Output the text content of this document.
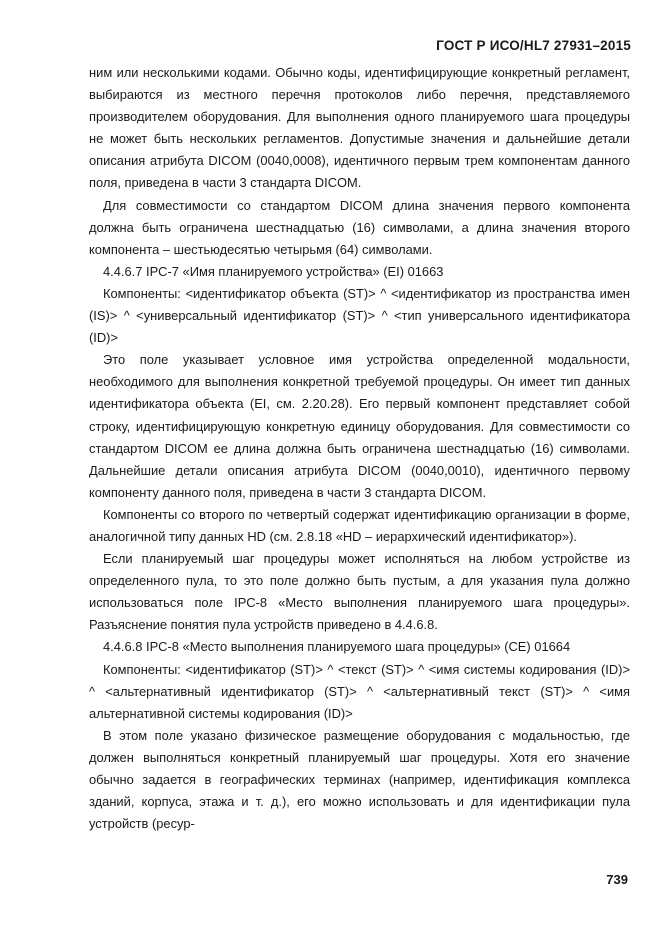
ГОСТ Р ИСО/HL7 27931–2015

ним или несколькими кодами. Обычно коды, идентифицирующие конкретный регламент, выбираются из местного перечня протоколов либо перечня, представляемого производителем оборудования. Для выполнения одного планируемого шага процедуры не может быть нескольких регламентов. Допустимые значения и дальнейшие детали описания атрибута DICOM (0040,0008), идентичного первым трем компонентам данного поля, приведена в части 3 стандарта DICOM.

Для совместимости со стандартом DICOM длина значения первого компонента должна быть ограничена шестнадцатью (16) символами, а длина значения второго компонента – шестьюдесятью четырьмя (64) символами.

4.4.6.7 IPC-7 «Имя планируемого устройства» (EI) 01663

Компоненты: <идентификатор объекта (ST)> ^ <идентификатор из пространства имен (IS)> ^ <универсальный идентификатор (ST)> ^ <тип универсального идентификатора (ID)>

Это поле указывает условное имя устройства определенной модальности, необходимого для выполнения конкретной требуемой процедуры. Он имеет тип данных идентификатора объекта (EI, см. 2.20.28). Его первый компонент представляет собой строку, идентифицирующую конкретную единицу оборудования. Для совместимости со стандартом DICOM ее длина должна быть ограничена шестнадцатью (16) символами. Дальнейшие детали описания атрибута DICOM (0040,0010), идентичного первому компоненту данного поля, приведена в части 3 стандарта DICOM.

Компоненты со второго по четвертый содержат идентификацию организации в форме, аналогичной типу данных HD (см. 2.8.18 «HD – иерархический идентификатор»).

Если планируемый шаг процедуры может исполняться на любом устройстве из определенного пула, то это поле должно быть пустым, а для указания пула должно использоваться поле IPC-8 «Место выполнения планируемого шага процедуры». Разъяснение понятия пула устройств приведено в 4.4.6.8.

4.4.6.8 IPC-8 «Место выполнения планируемого шага процедуры» (CE) 01664

Компоненты: <идентификатор (ST)> ^ <текст (ST)> ^ <имя системы кодирования (ID)> ^ <альтернативный идентификатор (ST)> ^ <альтернативный текст (ST)> ^ <имя альтернативной системы кодирования (ID)>

В этом поле указано физическое размещение оборудования с модальностью, где должен выполняться конкретный планируемый шаг процедуры. Хотя его значение обычно задается в географических терминах (например, идентификация комплекса зданий, корпуса, этажа и т. д.), его можно использовать и для идентификации пула устройств (ресур-

739
